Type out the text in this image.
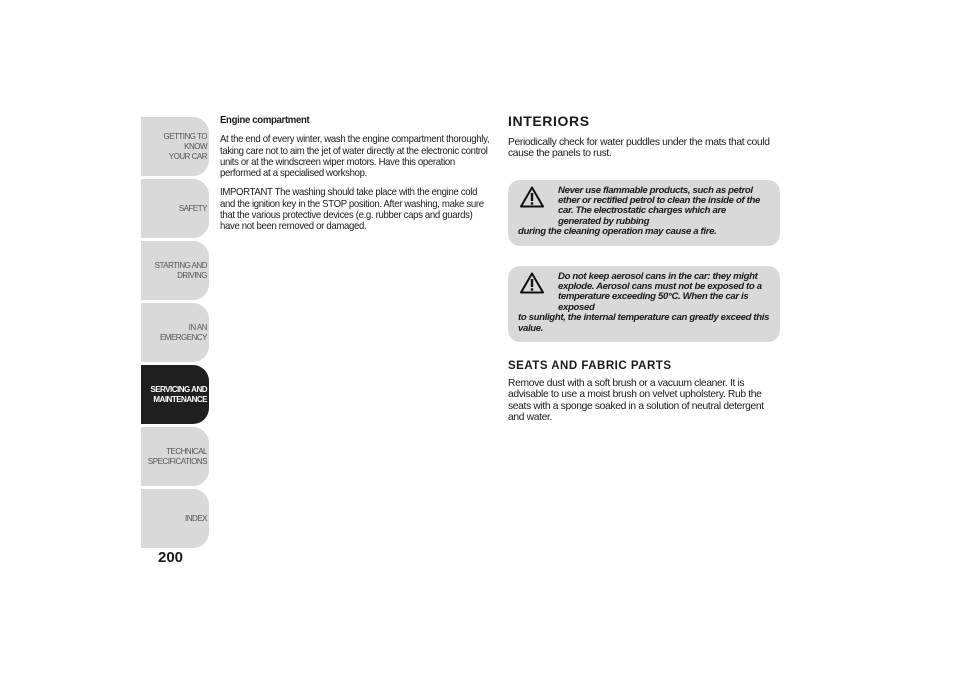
GETTING TO KNOW
YOUR CAR
SAFETY
STARTING AND
DRIVING
IN AN EMERGENCY
SERVICING AND
MAINTENANCE
TECHNICAL
SPECIFICATIONS
INDEX
200

Engine compartment

At the end of every winter, wash the engine compartment thoroughly, taking care not to aim the jet of water directly at the electronic control units or at the windscreen wiper motors. Have this operation performed at a specialised workshop.

IMPORTANT The washing should take place with the engine cold and the ignition key in the STOP position. After washing, make sure that the various protective devices (e.g. rubber caps and guards) have not been removed or damaged.

INTERIORS

Periodically check for water puddles under the mats that could cause the panels to rust.

Never use flammable products, such as petrol ether or rectified petrol to clean the inside of the car. The electrostatic charges which are generated by rubbing
during the cleaning operation may cause a fire.
Do not keep aerosol cans in the car: they might explode. Aerosol cans must not be exposed to a temperature exceeding 50°C. When the car is exposed
to sunlight, the internal temperature can greatly exceed this value.
SEATS AND FABRIC PARTS

Remove dust with a soft brush or a vacuum cleaner. It is advisable to use a moist brush on velvet upholstery. Rub the seats with a sponge soaked in a solution of neutral detergent and water.
